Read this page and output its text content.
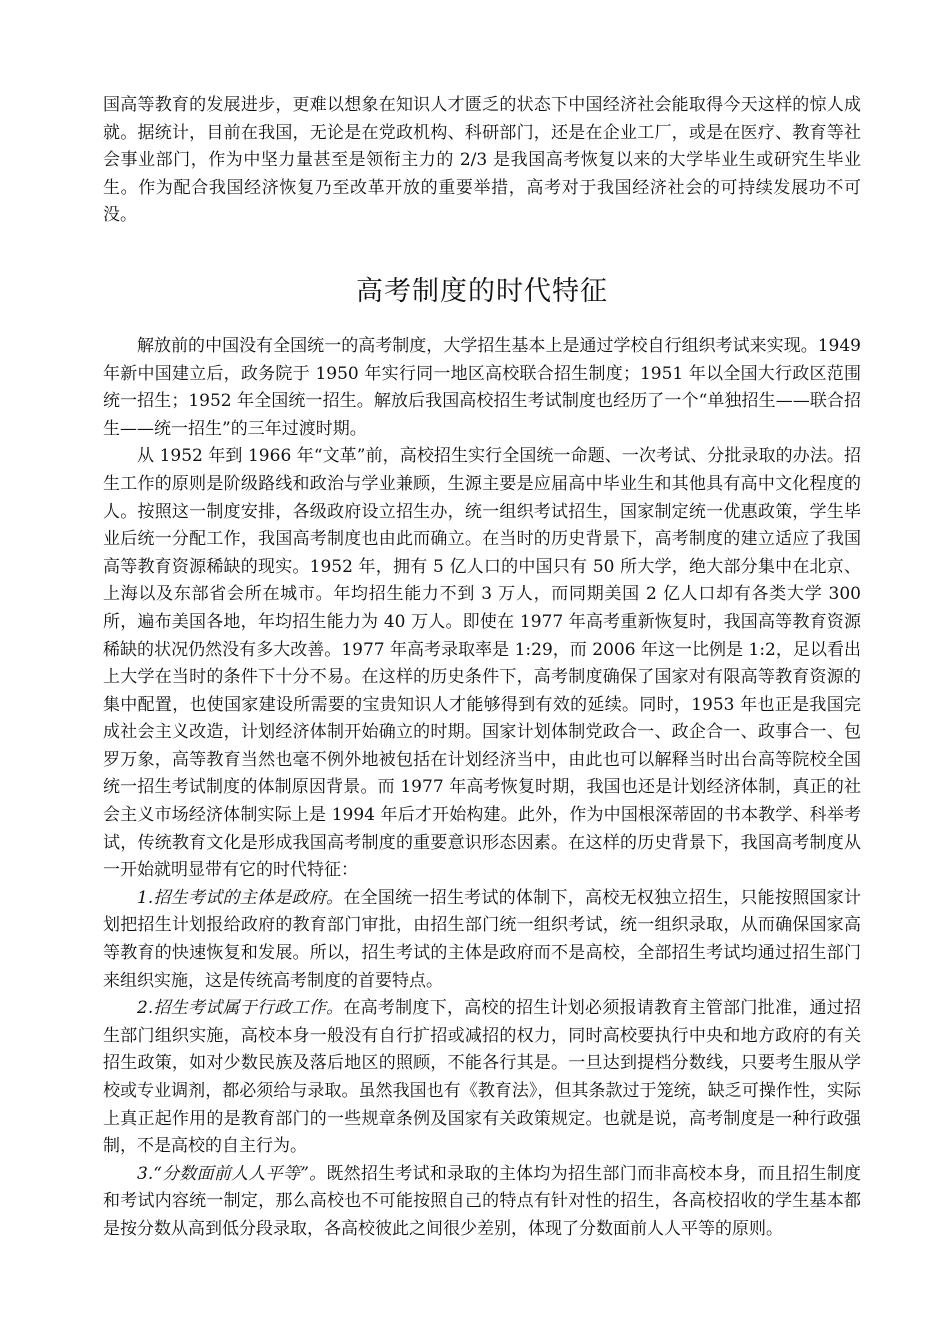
国高等教育的发展进步，更难以想象在知识人才匮乏的状态下中国经济社会能取得今天这样的惊人成就。据统计，目前在我国，无论是在党政机构、科研部门，还是在企业工厂，或是在医疗、教育等社会事业部门，作为中坚力量甚至是领衔主力的 2/3 是我国高考恢复以来的大学毕业生或研究生毕业生。作为配合我国经济恢复乃至改革开放的重要举措，高考对于我国经济社会的可持续发展功不可没。

高考制度的时代特征

解放前的中国没有全国统一的高考制度，大学招生基本上是通过学校自行组织考试来实现。1949 年新中国建立后，政务院于 1950 年实行同一地区高校联合招生制度；1951 年以全国大行政区范围统一招生；1952 年全国统一招生。解放后我国高校招生考试制度也经历了一个“单独招生——联合招生——统一招生”的三年过渡时期。

从 1952 年到 1966 年“文革”前，高校招生实行全国统一命题、一次考试、分批录取的办法。招生工作的原则是阶级路线和政治与学业兼顾，生源主要是应届高中毕业生和其他具有高中文化程度的人。按照这一制度安排，各级政府设立招生办，统一组织考试招生，国家制定统一优惠政策，学生毕业后统一分配工作，我国高考制度也由此而确立。在当时的历史背景下，高考制度的建立适应了我国高等教育资源稀缺的现实。1952 年，拥有 5 亿人口的中国只有 50 所大学，绝大部分集中在北京、上海以及东部省会所在城市。年均招生能力不到 3 万人，而同期美国 2 亿人口却有各类大学 300 所，遍布美国各地，年均招生能力为 40 万人。即使在 1977 年高考重新恢复时，我国高等教育资源稀缺的状况仍然没有多大改善。1977 年高考录取率是 1:29，而 2006 年这一比例是 1:2，足以看出上大学在当时的条件下十分不易。在这样的历史条件下，高考制度确保了国家对有限高等教育资源的集中配置，也使国家建设所需要的宝贵知识人才能够得到有效的延续。同时，1953 年也正是我国完成社会主义改造，计划经济体制开始确立的时期。国家计划体制党政合一、政企合一、政事合一、包罗万象，高等教育当然也毫不例外地被包括在计划经济当中，由此也可以解释当时出台高等院校全国统一招生考试制度的体制原因背景。而 1977 年高考恢复时期，我国也还是计划经济体制，真正的社会主义市场经济体制实际上是 1994 年后才开始构建。此外，作为中国根深蒂固的书本教学、科举考试，传统教育文化是形成我国高考制度的重要意识形态因素。在这样的历史背景下，我国高考制度从一开始就明显带有它的时代特征：

1.招生考试的主体是政府。在全国统一招生考试的体制下，高校无权独立招生，只能按照国家计划把招生计划报给政府的教育部门审批，由招生部门统一组织考试，统一组织录取，从而确保国家高等教育的快速恢复和发展。所以，招生考试的主体是政府而不是高校，全部招生考试均通过招生部门来组织实施，这是传统高考制度的首要特点。

2.招生考试属于行政工作。在高考制度下，高校的招生计划必须报请教育主管部门批准，通过招生部门组织实施，高校本身一般没有自行扩招或减招的权力，同时高校要执行中央和地方政府的有关招生政策，如对少数民族及落后地区的照顾，不能各行其是。一旦达到提档分数线，只要考生服从学校或专业调剂，都必须给与录取。虽然我国也有《教育法》，但其条款过于笼统，缺乏可操作性，实际上真正起作用的是教育部门的一些规章条例及国家有关政策规定。也就是说，高考制度是一种行政强制，不是高校的自主行为。

3.“分数面前人人平等”。既然招生考试和录取的主体均为招生部门而非高校本身，而且招生制度和考试内容统一制定，那么高校也不可能按照自己的特点有针对性的招生，各高校招收的学生基本都是按分数从高到低分段录取，各高校彼此之间很少差别，体现了分数面前人人平等的原则。
